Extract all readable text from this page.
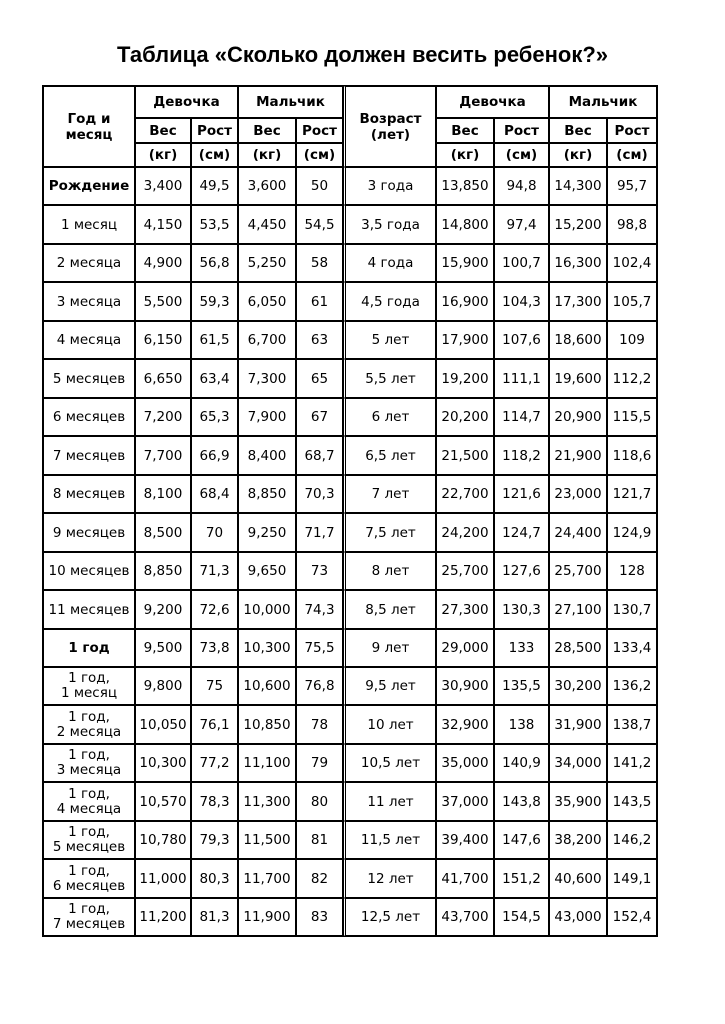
Таблица «Сколько должен весить ребенок?»
Год и месяц	Девочка		Мальчик		Возраст (лет)	Девочка		Мальчик	
	Вес	Рост	Вес	Рост		Вес	Рост	Вес	Рост
	(кг)	(см)	(кг)	(см)		(кг)	(см)	(кг)	(см)
Рождение	3,400	49,5	3,600	50	3 года	13,850	94,8	14,300	95,7
1 месяц	4,150	53,5	4,450	54,5	3,5 года	14,800	97,4	15,200	98,8
2 месяца	4,900	56,8	5,250	58	4 года	15,900	100,7	16,300	102,4
3 месяца	5,500	59,3	6,050	61	4,5 года	16,900	104,3	17,300	105,7
4 месяца	6,150	61,5	6,700	63	5 лет	17,900	107,6	18,600	109
5 месяцев	6,650	63,4	7,300	65	5,5 лет	19,200	111,1	19,600	112,2
6 месяцев	7,200	65,3	7,900	67	6 лет	20,200	114,7	20,900	115,5
7 месяцев	7,700	66,9	8,400	68,7	6,5 лет	21,500	118,2	21,900	118,6
8 месяцев	8,100	68,4	8,850	70,3	7 лет	22,700	121,6	23,000	121,7
9 месяцев	8,500	70	9,250	71,7	7,5 лет	24,200	124,7	24,400	124,9
10 месяцев	8,850	71,3	9,650	73	8 лет	25,700	127,6	25,700	128
11 месяцев	9,200	72,6	10,000	74,3	8,5 лет	27,300	130,3	27,100	130,7
1 год	9,500	73,8	10,300	75,5	9 лет	29,000	133	28,500	133,4

1 год,
1 месяц	9,800	75	10,600	76,8	9,5 лет	30,900	135,5	30,200	136,2

1 год,
2 месяца	10,050	76,1	10,850	78	10 лет	32,900	138	31,900	138,7

1 год,
3 месяца	10,300	77,2	11,100	79	10,5 лет	35,000	140,9	34,000	141,2

1 год,
4 месяца	10,570	78,3	11,300	80	11 лет	37,000	143,8	35,900	143,5

1 год,
5 месяцев	10,780	79,3	11,500	81	11,5 лет	39,400	147,6	38,200	146,2

1 год,
6 месяцев	11,000	80,3	11,700	82	12 лет	41,700	151,2	40,600	149,1

1 год,
7 месяцев	11,200	81,3	11,900	83	12,5 лет	43,700	154,5	43,000	152,4
